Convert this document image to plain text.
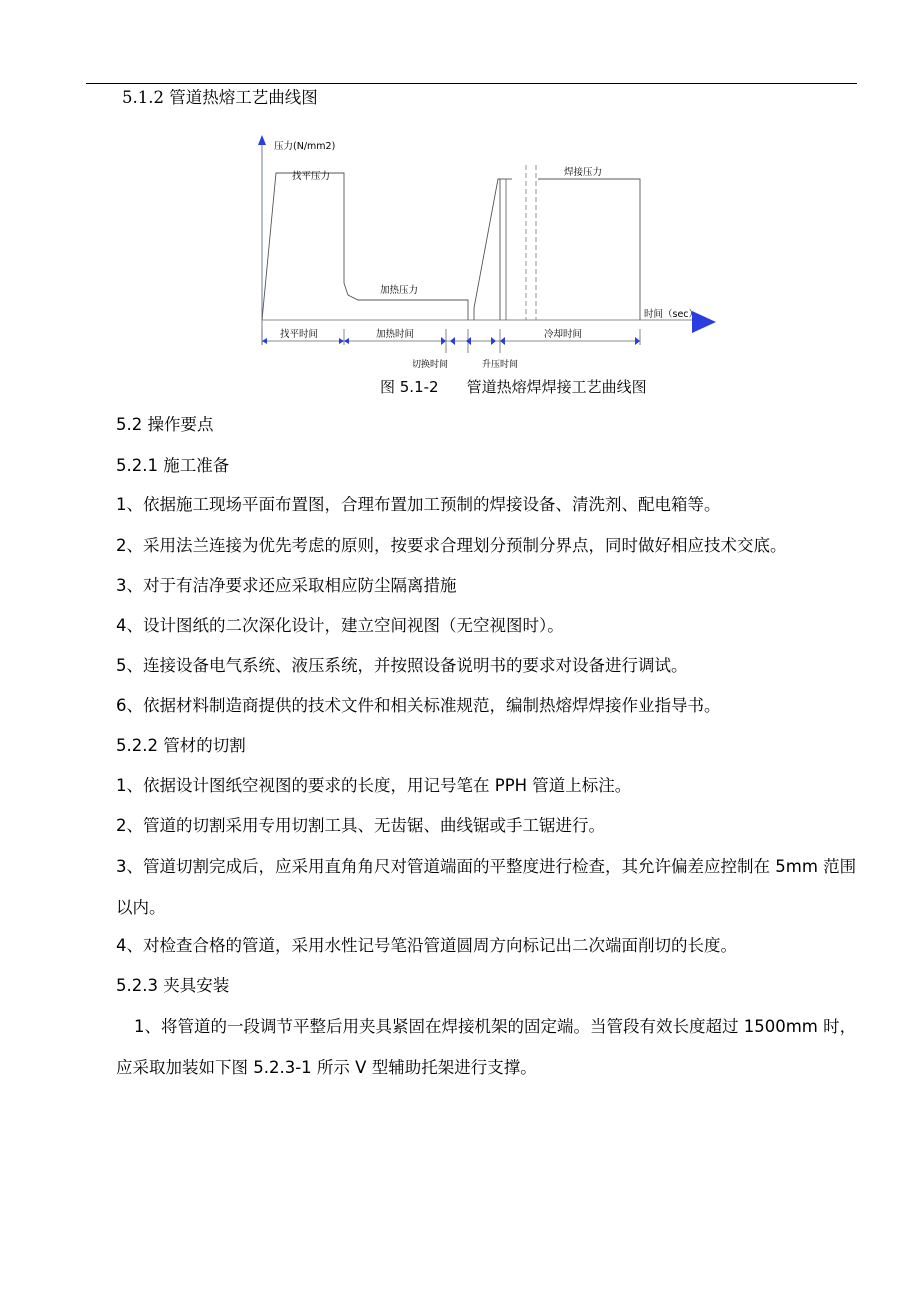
5.1.2 管道热熔工艺曲线图
压力(N/mm2)
时间（sec）
找平压力
加热压力
焊接压力
找平时间	加热时间	冷却时间
切换时间	升压时间
图 5.1-2 管道热熔焊焊接工艺曲线图
5.2 操作要点
5.2.1 施工准备
1、依据施工现场平面布置图，合理布置加工预制的焊接设备、清洗剂、配电箱等。
2、采用法兰连接为优先考虑的原则，按要求合理划分预制分界点，同时做好相应技术交底。
3、对于有洁净要求还应采取相应防尘隔离措施
4、设计图纸的二次深化设计，建立空间视图（无空视图时）。
5、连接设备电气系统、液压系统，并按照设备说明书的要求对设备进行调试。
6、依据材料制造商提供的技术文件和相关标准规范，编制热熔焊焊接作业指导书。
5.2.2 管材的切割
1、依据设计图纸空视图的要求的长度，用记号笔在 PPH 管道上标注。
2、管道的切割采用专用切割工具、无齿锯、曲线锯或手工锯进行。
3、管道切割完成后，应采用直角角尺对管道端面的平整度进行检查，其允许偏差应控制在 5mm 范围以内。
4、对检查合格的管道，采用水性记号笔沿管道圆周方向标记出二次端面削切的长度。
5.2.3 夹具安装
1、将管道的一段调节平整后用夹具紧固在焊接机架的固定端。当管段有效长度超过 1500mm 时，应采取加装如下图 5.2.3-1 所示 V 型辅助托架进行支撑。
